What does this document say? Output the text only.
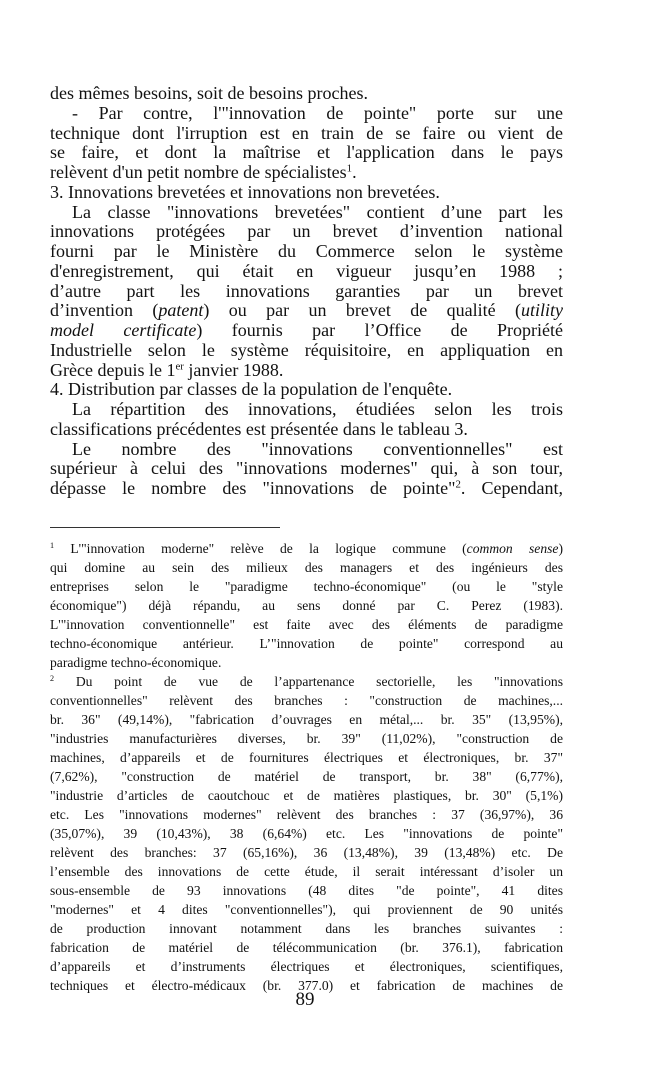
des mêmes besoins, soit de besoins proches.
- Par contre, l'"innovation de pointe" porte sur une
technique dont l'irruption est en train de se faire ou vient de
se faire, et dont la maîtrise et l'application dans le pays
relèvent d'un petit nombre de spécialistes$^1$.
3. Innovations brevetées et innovations non brevetées.
La classe "innovations brevetées" contient d’une part les
innovations protégées par un brevet d’invention national
fourni par le Ministère du Commerce selon le système
d'enregistrement, qui était en vigueur jusqu’en 1988 ;
d’autre part les innovations garanties par un brevet
d’invention (patent) ou par un brevet de qualité (utility
model certificate) fournis par l’Office de Propriété
Industrielle selon le système réquisitoire, en appliquation en
Grèce depuis le 1er janvier 1988.
4. Distribution par classes de la population de l'enquête.
La répartition des innovations, étudiées selon les trois
classifications précédentes est présentée dans le tableau 3.
Le nombre des "innovations conventionnelles" est
supérieur à celui des "innovations modernes" qui, à son tour,
dépasse le nombre des "innovations de pointe"$^2$. Cependant,
$^1$ L'"innovation moderne" relève de la logique commune (common sense)
qui domine au sein des milieux des managers et des ingénieurs des
entreprises selon le "paradigme techno-économique" (ou le "style
économique") déjà répandu, au sens donné par C. Perez (1983).
L'"innovation conventionnelle" est faite avec des éléments de paradigme
techno-économique antérieur. L’"innovation de pointe" correspond au
paradigme techno-économique.
$^2$ Du point de vue de l’appartenance sectorielle, les "innovations
conventionnelles" relèvent des branches : "construction de machines,...
br. 36" (49,14%), "fabrication d’ouvrages en métal,... br. 35" (13,95%),
"industries manufacturières diverses, br. 39" (11,02%), "construction de
machines, d’appareils et de fournitures électriques et électroniques, br. 37"
(7,62%), "construction de matériel de transport, br. 38" (6,77%),
"industrie d’articles de caoutchouc et de matières plastiques, br. 30" (5,1%)
etc. Les "innovations modernes" relèvent des branches : 37 (36,97%), 36
(35,07%), 39 (10,43%), 38 (6,64%) etc. Les "innovations de pointe"
relèvent des branches: 37 (65,16%), 36 (13,48%), 39 (13,48%) etc. De
l’ensemble des innovations de cette étude, il serait intéressant d’isoler un
sous-ensemble de 93 innovations (48 dites "de pointe", 41 dites
"modernes" et 4 dites "conventionnelles"), qui proviennent de 90 unités
de production innovant notamment dans les branches suivantes :
fabrication de matériel de télécommunication (br. 376.1), fabrication
d’appareils et d’instruments électriques et électroniques, scientifiques,
techniques et électro-médicaux (br. 377.0) et fabrication de machines de
89
